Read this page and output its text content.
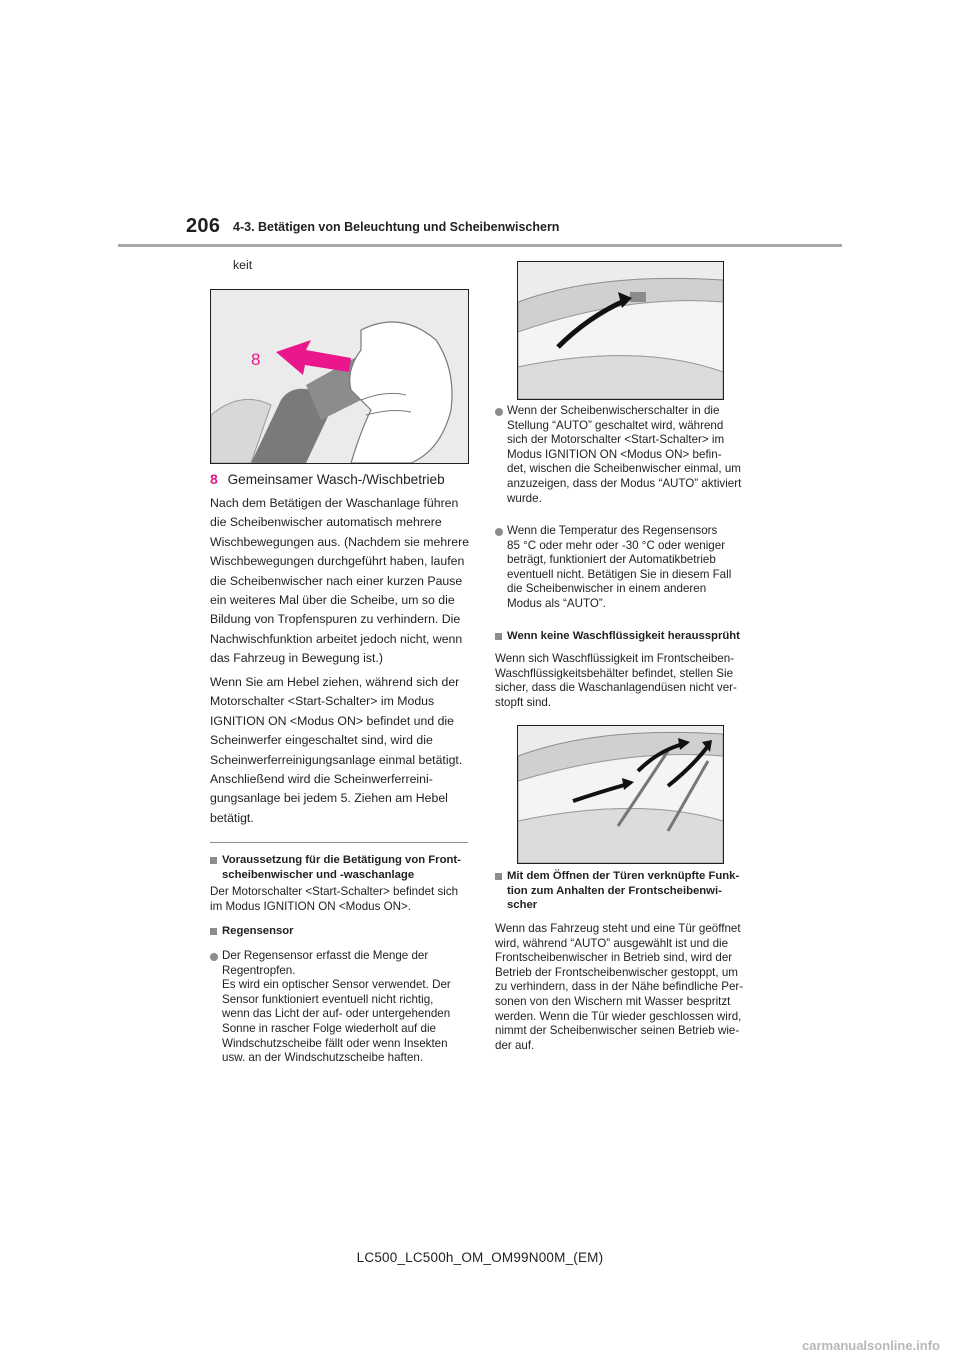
206 4-3. Betätigen von Beleuchtung und Scheibenwischern
keit
8
8 Gemeinsamer Wasch-/Wischbetrieb
Nach dem Betätigen der Waschanlage führen
die Scheibenwischer automatisch mehrere
Wischbewegungen aus. (Nachdem sie mehrere
Wischbewegungen durchgeführt haben, laufen
die Scheibenwischer nach einer kurzen Pause
ein weiteres Mal über die Scheibe, um so die
Bildung von Tropfenspuren zu verhindern. Die
Nachwischfunktion arbeitet jedoch nicht, wenn
das Fahrzeug in Bewegung ist.)
Wenn Sie am Hebel ziehen, während sich der
Motorschalter <Start-Schalter> im Modus
IGNITION ON <Modus ON> befindet und die
Scheinwerfer eingeschaltet sind, wird die
Scheinwerferreinigungsanlage einmal betätigt.
Anschließend wird die Scheinwerferreini-
gungsanlage bei jedem 5. Ziehen am Hebel
betätigt.
Voraussetzung für die Betätigung von Front-
scheibenwischer und -waschanlage
Der Motorschalter <Start-Schalter> befindet sich
im Modus IGNITION ON <Modus ON>.
Regensensor
Der Regensensor erfasst die Menge der
Regentropfen.
Es wird ein optischer Sensor verwendet. Der
Sensor funktioniert eventuell nicht richtig,
wenn das Licht der auf- oder untergehenden
Sonne in rascher Folge wiederholt auf die
Windschutzscheibe fällt oder wenn Insekten
usw. an der Windschutzscheibe haften.
Wenn der Scheibenwischerschalter in die
Stellung “AUTO” geschaltet wird, während
sich der Motorschalter <Start-Schalter> im
Modus IGNITION ON <Modus ON> befin-
det, wischen die Scheibenwischer einmal, um
anzuzeigen, dass der Modus “AUTO” aktiviert
wurde.
Wenn die Temperatur des Regensensors
85 °C oder mehr oder -30 °C oder weniger
beträgt, funktioniert der Automatikbetrieb
eventuell nicht. Betätigen Sie in diesem Fall
die Scheibenwischer in einem anderen
Modus als “AUTO”.
Wenn keine Waschflüssigkeit heraussprüht
Wenn sich Waschflüssigkeit im Frontscheiben-
Waschflüssigkeitsbehälter befindet, stellen Sie
sicher, dass die Waschanlagendüsen nicht ver-
stopft sind.
Mit dem Öffnen der Türen verknüpfte Funk-
tion zum Anhalten der Frontscheibenwi-
scher
Wenn das Fahrzeug steht und eine Tür geöffnet
wird, während “AUTO” ausgewählt ist und die
Frontscheibenwischer in Betrieb sind, wird der
Betrieb der Frontscheibenwischer gestoppt, um
zu verhindern, dass in der Nähe befindliche Per-
sonen von den Wischern mit Wasser bespritzt
werden. Wenn die Tür wieder geschlossen wird,
nimmt der Scheibenwischer seinen Betrieb wie-
der auf.
LC500_LC500h_OM_OM99N00M_(EM)
carmanualsonline.info
